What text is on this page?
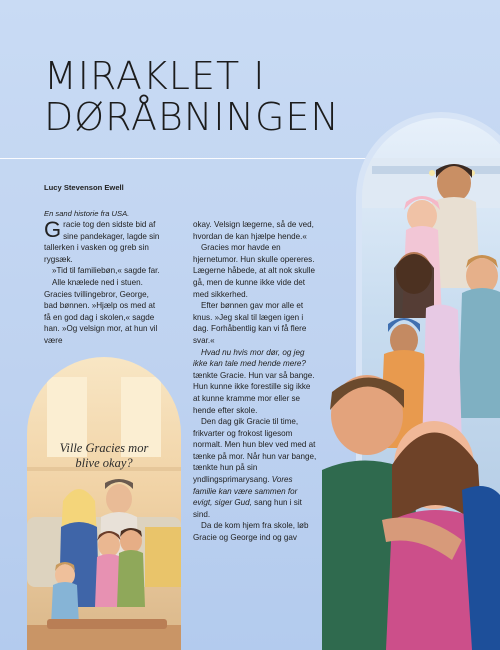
MIRAKLET I
DØRÅBNINGEN

Lucy Stevenson Ewell

En sand historie fra USA.

Gracie tog den sidste bid af sine pandekager, lagde sin tallerken i vasken og greb sin rygsæk.

»Tid til familiebøn,« sagde far.

Alle knælede ned i stuen. Gracies tvillingebror, George, bad bønnen. »Hjælp os med at få en god dag i skolen,« sagde han. »Og velsign mor, at hun vil være

okay. Velsign lægerne, så de ved, hvordan de kan hjælpe hende.«

Gracies mor havde en hjernetumor. Hun skulle opereres. Lægerne håbede, at alt nok skulle gå, men de kunne ikke vide det med sikkerhed.

Efter bønnen gav mor alle et knus. »Jeg skal til lægen igen i dag. Forhåbentlig kan vi få flere svar.«

Hvad nu hvis mor dør, og jeg ikke kan tale med hende mere? tænkte Gracie. Hun var så bange. Hun kunne ikke forestille sig ikke at kunne kramme mor eller se hende efter skole.

Den dag gik Gracie til time, frikvarter og frokost ligesom normalt. Men hun blev ved med at tænke på mor. Når hun var bange, tænkte hun på sin yndlingsprimarysang. Vores familie kan være sammen for evigt, siger Gud, sang hun i sit sind.

Da de kom hjem fra skole, løb Gracie og George ind og gav

Ville Gracies mor
blive okay?
